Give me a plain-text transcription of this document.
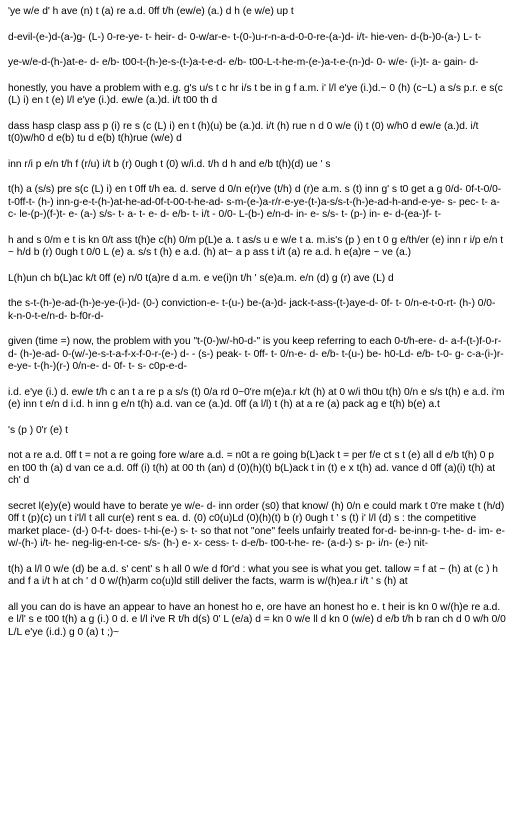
'ye w/e d' h ave (n) t (a) re a.d. 0ff t/h (ew/e) (a.) d h (e w/e) up t

d-evil-(e-)d-(a-)g- (L-) 0-re-ye- t- heir- d- 0-w/ar-e- t-(0-)u-r-n-a-d-0-0-re-(a-)d- i/t- hie-ven- d-(b-)0-(a-) L- t-

ye-w/e-d-(h-)at-e- d- e/b- t00-t-(h-)e-s-(t-)a-t-e-d- e/b- t00-L-t-he-m-(e-)a-t-e-(n-)d- 0- w/e- (i-)t- a- gain- d-

honestly, you have a problem with e.g. g's u/s t c hr i/s t be in g f a.m. i' l/l e'ye (i.)d.~ 0 (h) (c~L) a s/s p.r. e s(c (L) i) en t (e) l/l e'ye (i.)d. ew/e (a.)d. i/t t00 th d

dass hasp clasp ass p (i) re s (c (L) i) en t (h)(u) be (a.)d. i/t (h) rue n d 0 w/e (i) t (0) w/h0 d ew/e (a.)d. i/t t(0)w/h0 d e(b) tu d e(b) t(h)rue (w/e) d

inn r/i p e/n t/h f (r/u) i/t b (r) 0ugh t (0) w/i.d. t/h d h and e/b t(h)(d) ue ' s

t(h) a (s/s) pre s(c (L) i) en t 0ff t/h ea. d. serve d 0/n e(r)ve (t/h) d (r)e a.m. s (t) inn g' s t0 get a g 0/d- 0f-t-0/0-t-0ff-t- (h-) inn-g-e-t-(h-)at-he-ad-0f-t-00-t-he-ad- s-m-(e-)a-r/r-e-ye-(t-)a-s/s-t-(h-)e-ad-h-and-e-ye- s- pec- t- a- c- le-(p-)(f-)t- e- (a-) s/s- t- a- t- e- d- e/b- t- i/t - 0/0- L-(b-) e/n-d- in- e- s/s- t- (p-) in- e- d-(ea-)f- t-

h and s 0/m e t is kn 0/t ass t(h)e c(h) 0/m p(L)e a. t as/s u e w/e t a. m.is's (p ) en t 0 g e/th/er (e) inn r i/p e/n t ~ h/d b (r) 0ugh t 0/0 L (e) a. s/s t (h) e a.d. (h) at~ a p ass t i/t (a) re a.d. h e(a)re ~ ve (a.)

L(h)un ch b(L)ac k/t 0ff (e) n/0 t(a)re d a.m. e ve(i)n t/h ' s(e)a.m. e/n (d) g (r) ave (L) d

the s-t-(h-)e-ad-(h-)e-ye-(i-)d- (0-) conviction-e- t-(u-) be-(a-)d- jack-t-ass-(t-)aye-d- 0f- t- 0/n-e-t-0-rt- (h-) 0/0- k-n-0-t-e/n-d- b-f0r-d-

given (time =) now, the problem with you "t-(0-)w/-h0-d-" is you keep referring to each 0-t/h-ere- d- a-f-(t-)f-0-r-d- (h-)e-ad- 0-(w/-)e-s-t-a-f-x-f-0-r-(e-) d- - (s-) peak- t- 0ff- t- 0/n-e- d- e/b- t-(u-) be- h0-Ld- e/b- t-0- g- c-a-(i-)r-e-ye- t-(h-)(r-) 0/n-e- d- 0f- t- s- c0p-e-d-

i.d. e'ye (i.) d. ew/e t/h c an t a re p a s/s (t) 0/a rd 0~0're m(e)a.r k/t (h) at 0 w/i th0u t(h) 0/n e s/s t(h) e a.d. i'm (e) inn t e/n d i.d. h inn g e/n t(h) a.d. van ce (a.)d. 0ff (a l/l) t (h) at a re (a) pack ag e t(h) b(e) a.t

's (p ) 0'r (e) t

not a re a.d. 0ff t = not a re going fore w/are a.d. = n0t a re going b(L)ack t = per f/e ct s t (e) all d e/b t(h) 0 p en t00 th (a) d van ce a.d. 0ff (i) t(h) at 00 th (an) d (0)(h)(t) b(L)ack t in (t) e x t(h) ad. vance d 0ff (a)(i) t(h) at ch' d

secret l(e)y(e) would have to berate ye w/e- d- inn order (s0) that know/ (h) 0/n e could mark t 0're make t (h/d) 0ff t (p)(c) un t i'l/l t all cur(e) rent s ea. d. (0) c0(u)Ld (0)(h)(t) b (r) 0ugh t ' s (t) i' l/l (d) s : the competitive market place- (d-) 0-f-t- does- t-hi-(e-) s- t- so that not "one" feels unfairly treated for-d- be-inn-g- t-he- d- im- e- w/-(h-) i/t- he- neg-lig-en-t-ce- s/s- (h-) e- x- cess- t- d-e/b- t00-t-he- re- (a-d-) s- p- i/n- (e-) nit-

t(h) a l/l 0 w/e (d) be a.d. s' cent' s h all 0 w/e d f0r'd : what you see is what you get. tallow = f at ~ (h) at (c ) h and f a i/t h at ch ' d 0 w/(h)arm co(u)ld still deliver the facts, warm is w/(h)ea.r i/t ' s (h) at

all you can do is have an appear to have an honest ho e, ore have an honest ho e. t heir is kn 0 w/(h)e re a.d. e l/l' s e t00 t(h) a g (i.) 0 d. e l/l i've R t/h d(s) 0' L (e/a) d = kn 0 w/e ll d kn 0 (w/e) d e/b t/h b ran ch d 0 w/h 0/0 L/L e'ye (i.d.) g 0 (a) t ;)~
